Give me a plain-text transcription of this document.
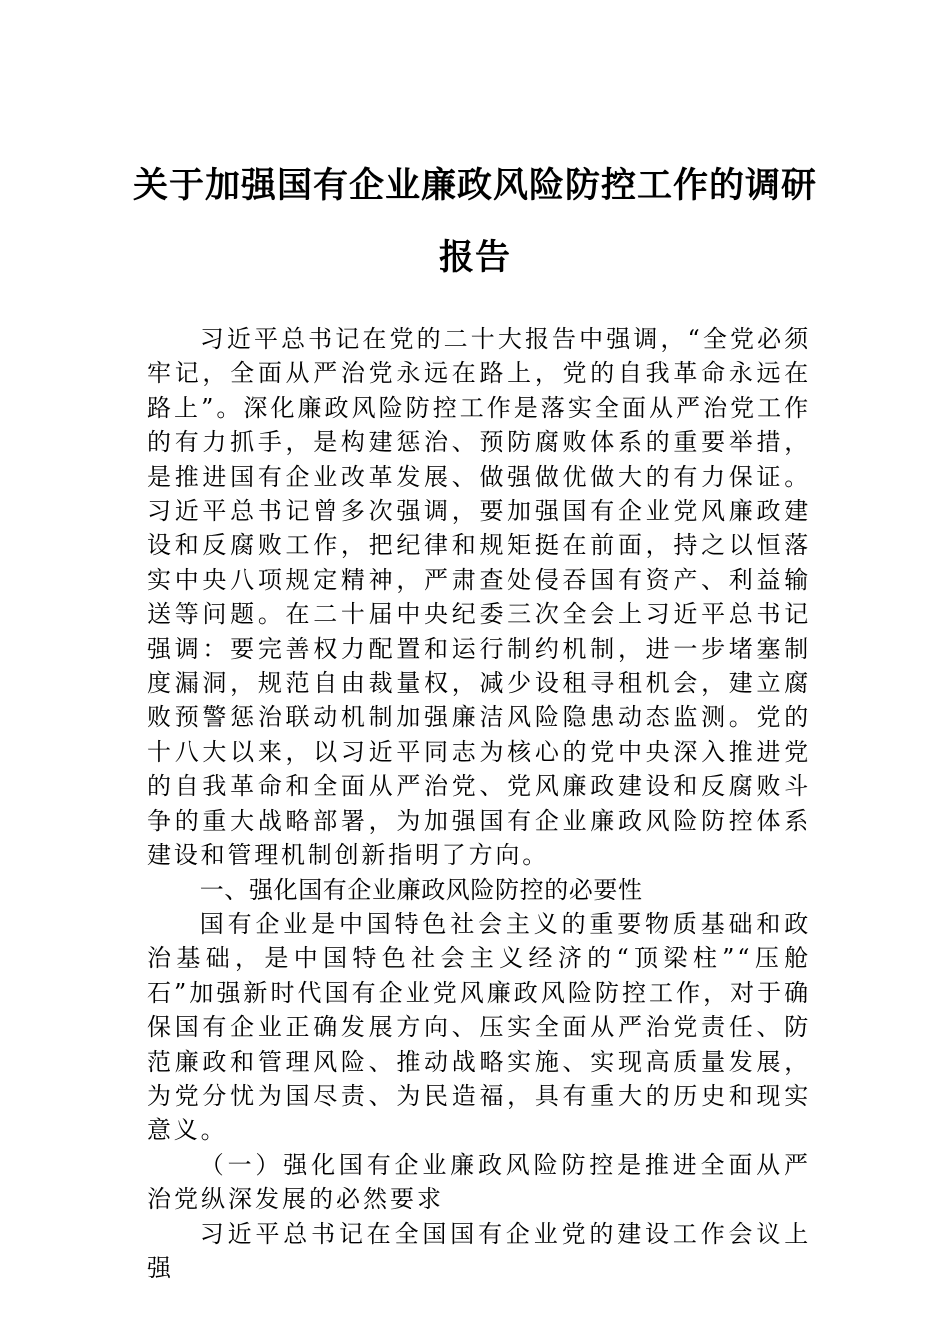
关于加强国有企业廉政风险防控工作的调研报告

习近平总书记在党的二十大报告中强调，“全党必须牢记，全面从严治党永远在路上，党的自我革命永远在路上”。深化廉政风险防控工作是落实全面从严治党工作的有力抓手，是构建惩治、预防腐败体系的重要举措，是推进国有企业改革发展、做强做优做大的有力保证。习近平总书记曾多次强调，要加强国有企业党风廉政建设和反腐败工作，把纪律和规矩挺在前面，持之以恒落实中央八项规定精神，严肃查处侵吞国有资产、利益输送等问题。在二十届中央纪委三次全会上习近平总书记强调：要完善权力配置和运行制约机制，进一步堵塞制度漏洞，规范自由裁量权，减少设租寻租机会，建立腐败预警惩治联动机制加强廉洁风险隐患动态监测。党的十八大以来，以习近平同志为核心的党中央深入推进党的自我革命和全面从严治党、党风廉政建设和反腐败斗争的重大战略部署，为加强国有企业廉政风险防控体系建设和管理机制创新指明了方向。

一、强化国有企业廉政风险防控的必要性

国有企业是中国特色社会主义的重要物质基础和政治基础，是中国特色社会主义经济的“顶梁柱”“压舱石”加强新时代国有企业党风廉政风险防控工作，对于确保国有企业正确发展方向、压实全面从严治党责任、防范廉政和管理风险、推动战略实施、实现高质量发展，为党分忧为国尽责、为民造福，具有重大的历史和现实意义。

（一）强化国有企业廉政风险防控是推进全面从严治党纵深发展的必然要求

习近平总书记在全国国有企业党的建设工作会议上强
